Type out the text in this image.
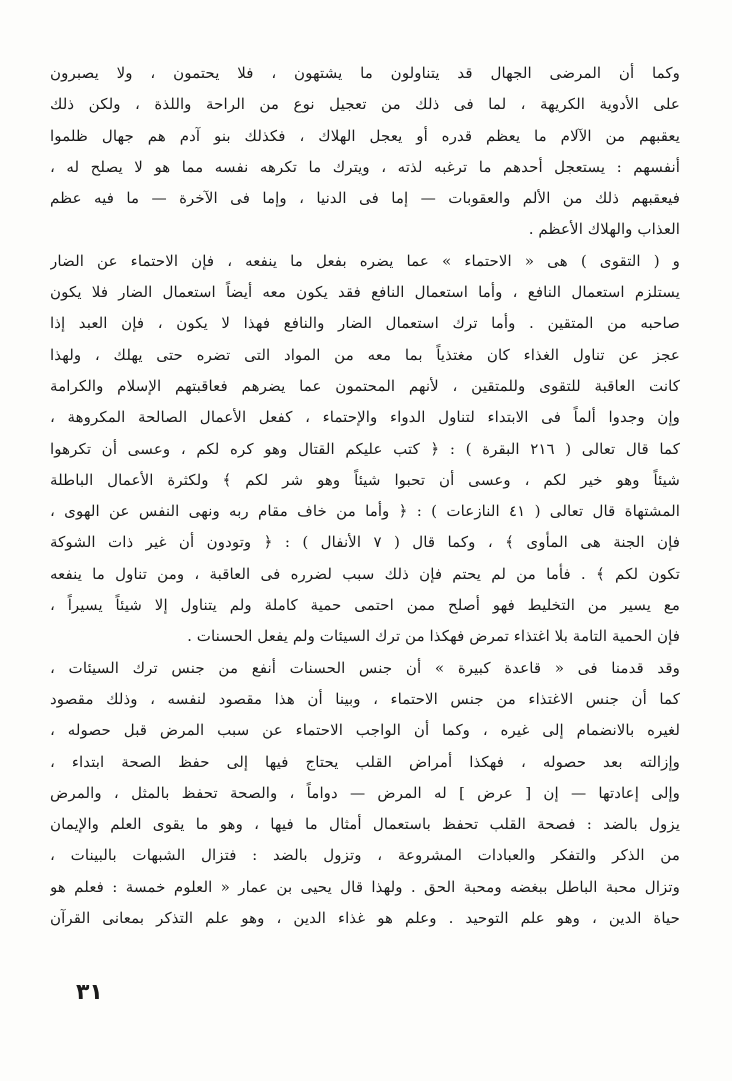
وكما أن المرضى الجهال قد يتناولون ما يشتهون ، فلا يحتمون ، ولا يصبرون
على الأدوية الكريهة ، لما فى ذلك من تعجيل نوع من الراحة واللذة ، ولكن ذلك
يعقبهم من الآلام ما يعظم قدره أو يعجل الهلاك ، فكذلك بنو آدم هم جهال ظلموا
أنفسهم : يستعجل أحدهم ما ترغبه لذته ، ويترك ما تكرهه نفسه مما هو لا يصلح له ،
فيعقبهم ذلك من الألم والعقوبات — إما فى الدنيا ، وإما فى الآخرة — ما فيه عظم
العذاب والهلاك الأعظم .
و ( التقوى ) هى « الاحتماء » عما يضره بفعل ما ينفعه ، فإن الاحتماء عن الضار
يستلزم استعمال النافع ، وأما استعمال النافع فقد يكون معه أيضاً استعمال الضار فلا يكون
صاحبه من المتقين . وأما ترك استعمال الضار والنافع فهذا لا يكون ، فإن العبد إذا
عجز عن تناول الغذاء كان مغتذياً بما معه من المواد التى تضره حتى يهلك ، ولهذا
كانت العاقبة للتقوى وللمتقين ، لأنهم المحتمون عما يضرهم فعاقبتهم الإسلام والكرامة
وإن وجدوا ألماً فى الابتداء لتناول الدواء والإحتماء ، كفعل الأعمال الصالحة المكروهة ،
كما قال تعالى ( ٢١٦ البقرة ) : ﴿ كتب عليكم القتال وهو كره لكم ، وعسى أن تكرهوا
شيئاً وهو خير لكم ، وعسى أن تحبوا شيئاً وهو شر لكم ﴾ ولكثرة الأعمال الباطلة
المشتهاة قال تعالى ( ٤١ النازعات ) : ﴿ وأما من خاف مقام ربه ونهى النفس عن الهوى ،
فإن الجنة هى المأوى ﴾ ، وكما قال ( ٧ الأنفال ) : ﴿ وتودون أن غير ذات الشوكة
تكون لكم ﴾ . فأما من لم يحتم فإن ذلك سبب لضرره فى العاقبة ، ومن تناول ما ينفعه
مع يسير من التخليط فهو أصلح ممن احتمى حمية كاملة ولم يتناول إلا شيئاً يسيراً ،
فإن الحمية التامة بلا اغتذاء تمرض فهكذا من ترك السيئات ولم يفعل الحسنات .
وقد قدمنا فى « قاعدة كبيرة » أن جنس الحسنات أنفع من جنس ترك السيئات ،
كما أن جنس الاغتذاء من جنس الاحتماء ، وبينا أن هذا مقصود لنفسه ، وذلك مقصود
لغيره بالانضمام إلى غيره ، وكما أن الواجب الاحتماء عن سبب المرض قبل حصوله ،
وإزالته بعد حصوله ، فهكذا أمراض القلب يحتاج فيها إلى حفظ الصحة ابتداء ،
وإلى إعادتها — إن [ عرض ] له المرض — دواماً ، والصحة تحفظ بالمثل ، والمرض
يزول بالضد : فصحة القلب تحفظ باستعمال أمثال ما فيها ، وهو ما يقوى العلم والإيمان
من الذكر والتفكر والعبادات المشروعة ، وتزول بالضد : فتزال الشبهات بالبينات ،
وتزال محبة الباطل ببغضه ومحبة الحق . ولهذا قال يحيى بن عمار « العلوم خمسة : فعلم هو
حياة الدين ، وهو علم التوحيد . وعلم هو غذاء الدين ، وهو علم التذكر بمعانى القرآن
٣١
